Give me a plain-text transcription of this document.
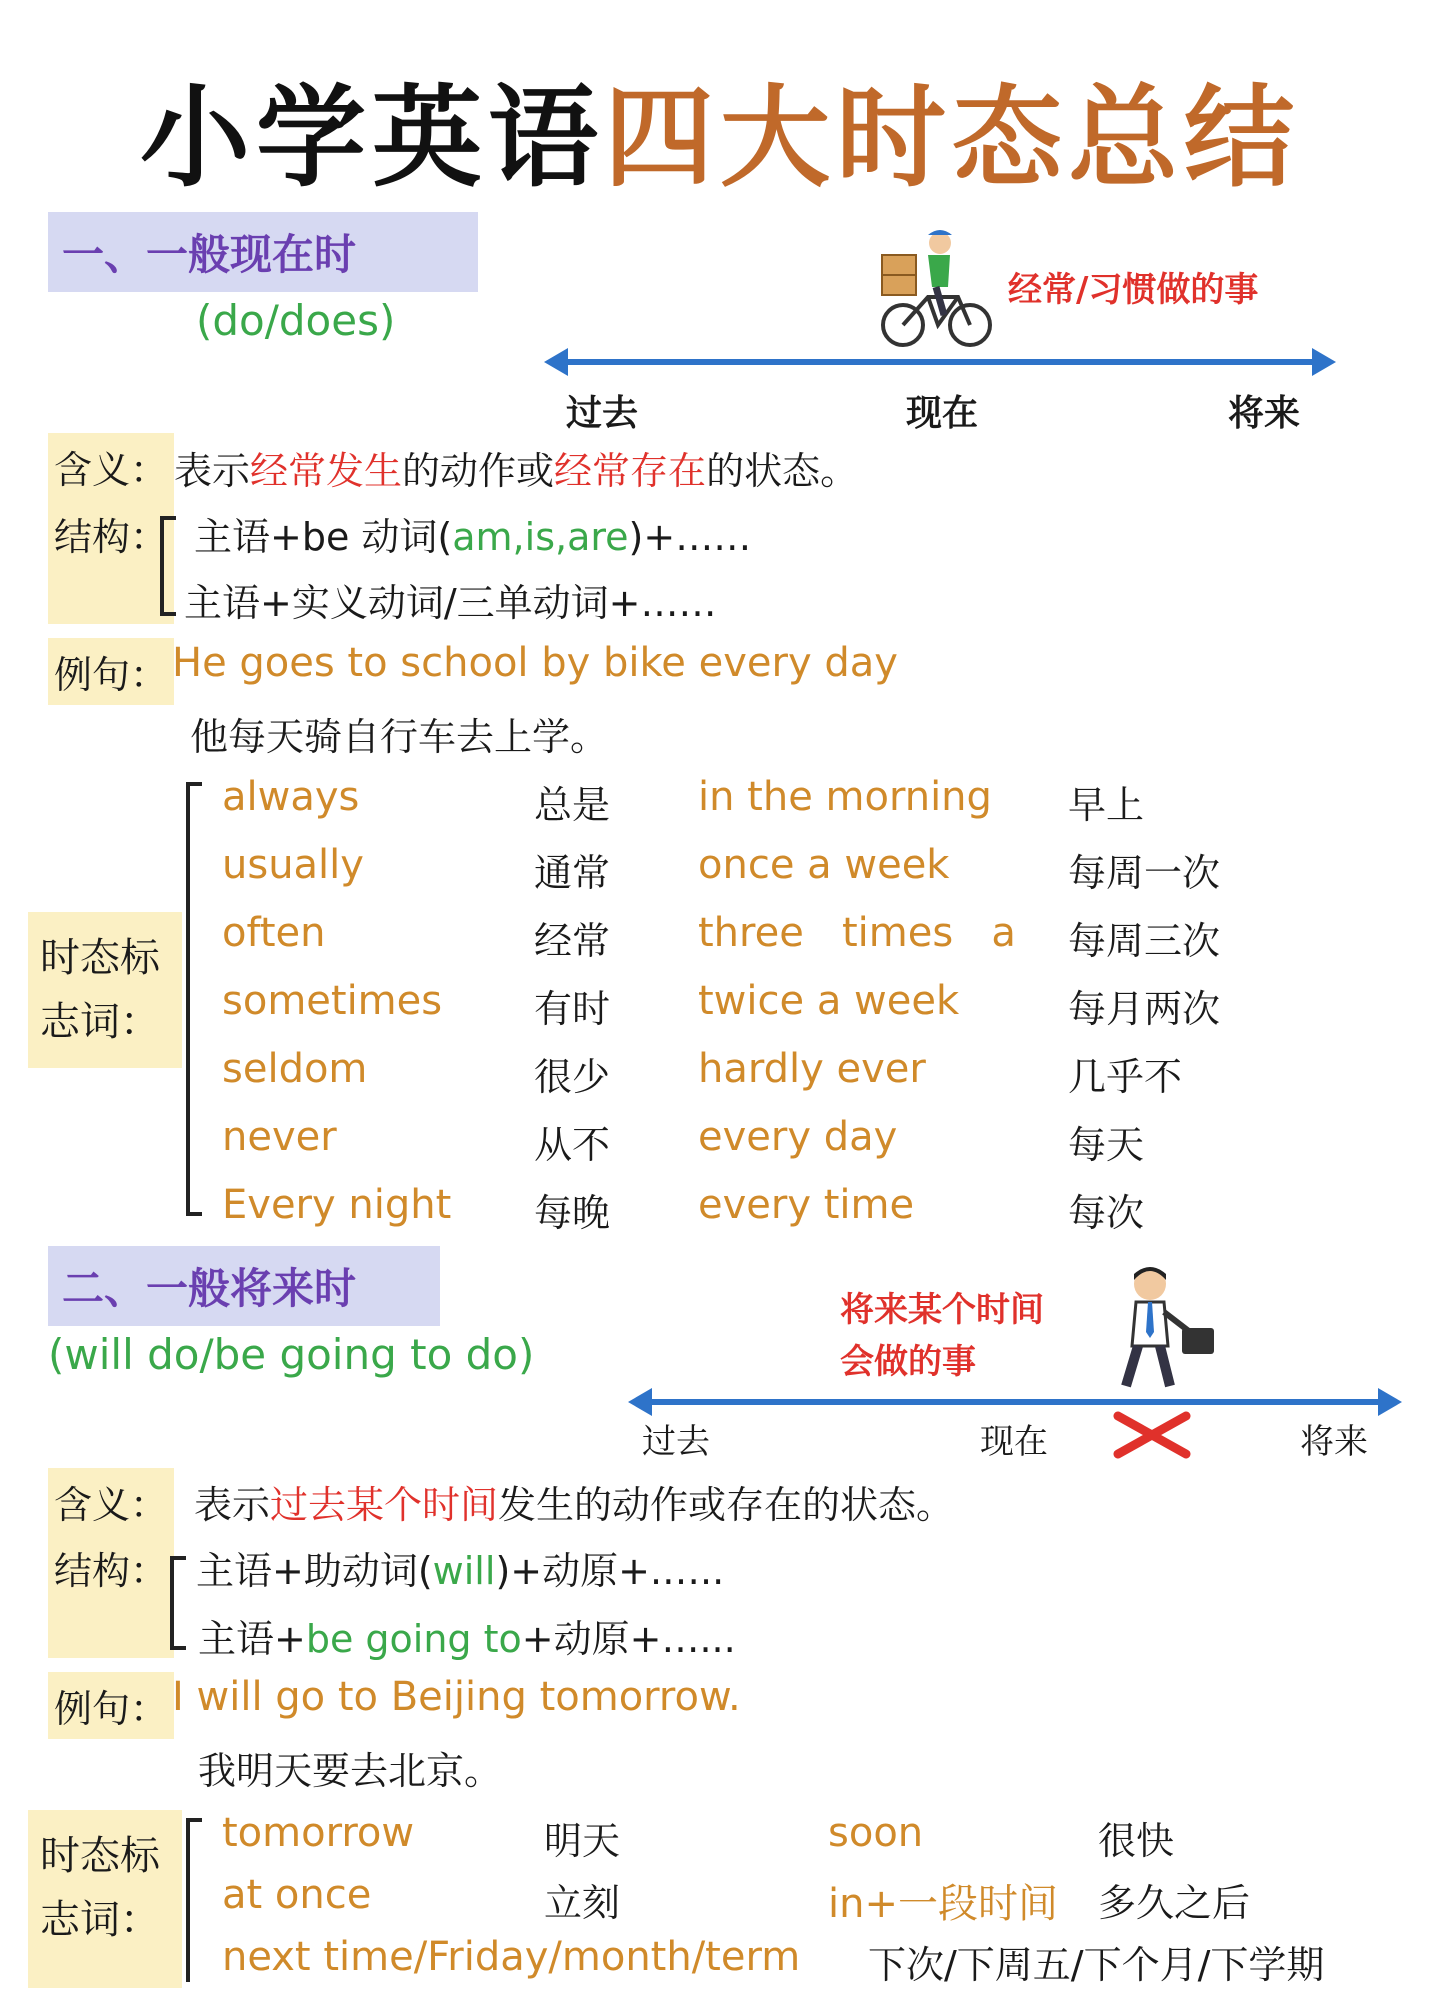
小学英语四大时态总结
一、一般现在时
(do/does)
经常/习惯做的事
过去	现在	将来
含义： 表示经常发生的动作或经常存在的状态。
结构： 主语+be 动词(am,is,are)+……
主语+实义动词/三单动词+……
例句： He goes to school by bike every day
他每天骑自行车去上学。
时态标志词：
always	总是 in the morning 早上
usually	通常 once a week	每周一次
often	经常 three   times   a 每周三次
sometimes 有时 twice a week	每月两次
seldom	很少 hardly ever	几乎不
never	从不 every day	每天
Every night 每晚 every time	每次
二、一般将来时
(will do/be going to do)
将来某个时间
会做的事
过去	现在	将来
含义： 表示过去某个时间发生的动作或存在的状态。
结构： 主语+助动词(will)+动原+.…..
主语+be going to+动原+…...
例句： I will go to Beijing tomorrow.
我明天要去北京。
时态标志词：
tomorrow	明天	soon	很快
at once	立刻	in+一段时间 多久之后
next time/Friday/month/term 下次/下周五/下个月/下学期
